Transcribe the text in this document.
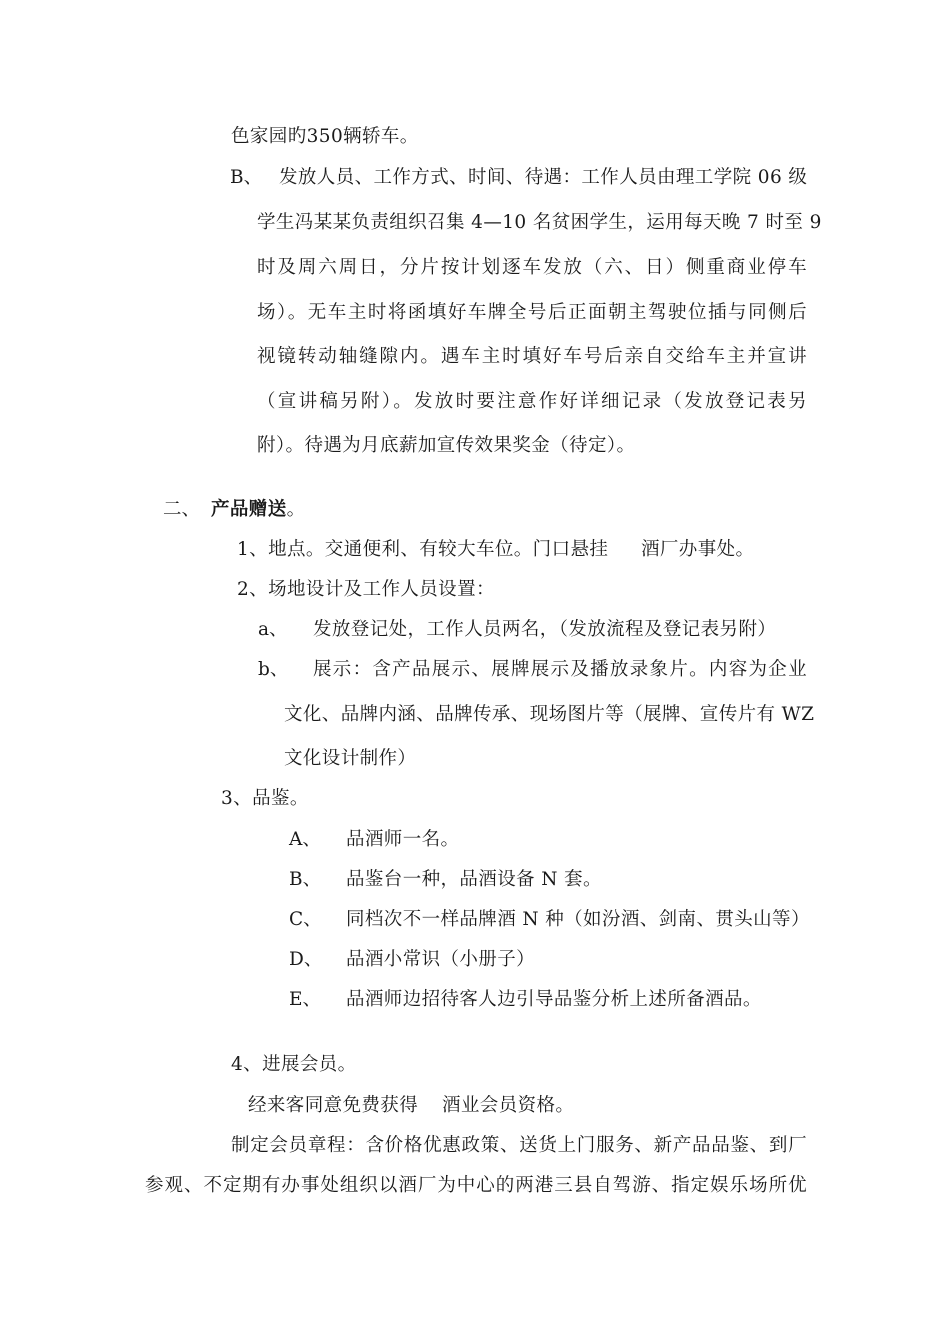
色家园旳350辆轿车。
B、 发放人员、工作方式、时间、待遇：工作人员由理工学院 06 级
学生冯某某负责组织召集 4—10 名贫困学生，运用每天晚 7 时至 9
时及周六周日，分片按计划逐车发放（六、日）侧重商业停车
场）。无车主时将函填好车牌全号后正面朝主驾驶位插与同侧后
视镜转动轴缝隙内。遇车主时填好车号后亲自交给车主并宣讲
（宣讲稿另附）。发放时要注意作好详细记录（发放登记表另
附）。待遇为月底薪加宣传效果奖金（待定）。
二、 产品赠送。
1、地点。交通便利、有较大车位。门口悬挂 酒厂办事处。
2、场地设计及工作人员设置：
a、 发放登记处，工作人员两名，（发放流程及登记表另附）
b、 展示：含产品展示、展牌展示及播放录象片。内容为企业
文化、品牌内涵、品牌传承、现场图片等（展牌、宣传片有 WZ
文化设计制作）
3、品鉴。
A、 品酒师一名。
B、 品鉴台一种，品酒设备 N 套。
C、 同档次不一样品牌酒 N 种（如汾酒、剑南、贯头山等）
D、 品酒小常识（小册子）
E、 品酒师边招待客人边引导品鉴分析上述所备酒品。
4、进展会员。
经来客同意免费获得 酒业会员资格。
制定会员章程：含价格优惠政策、送货上门服务、新产品品鉴、到厂
参观、不定期有办事处组织以酒厂为中心的两港三县自驾游、指定娱乐场所优
